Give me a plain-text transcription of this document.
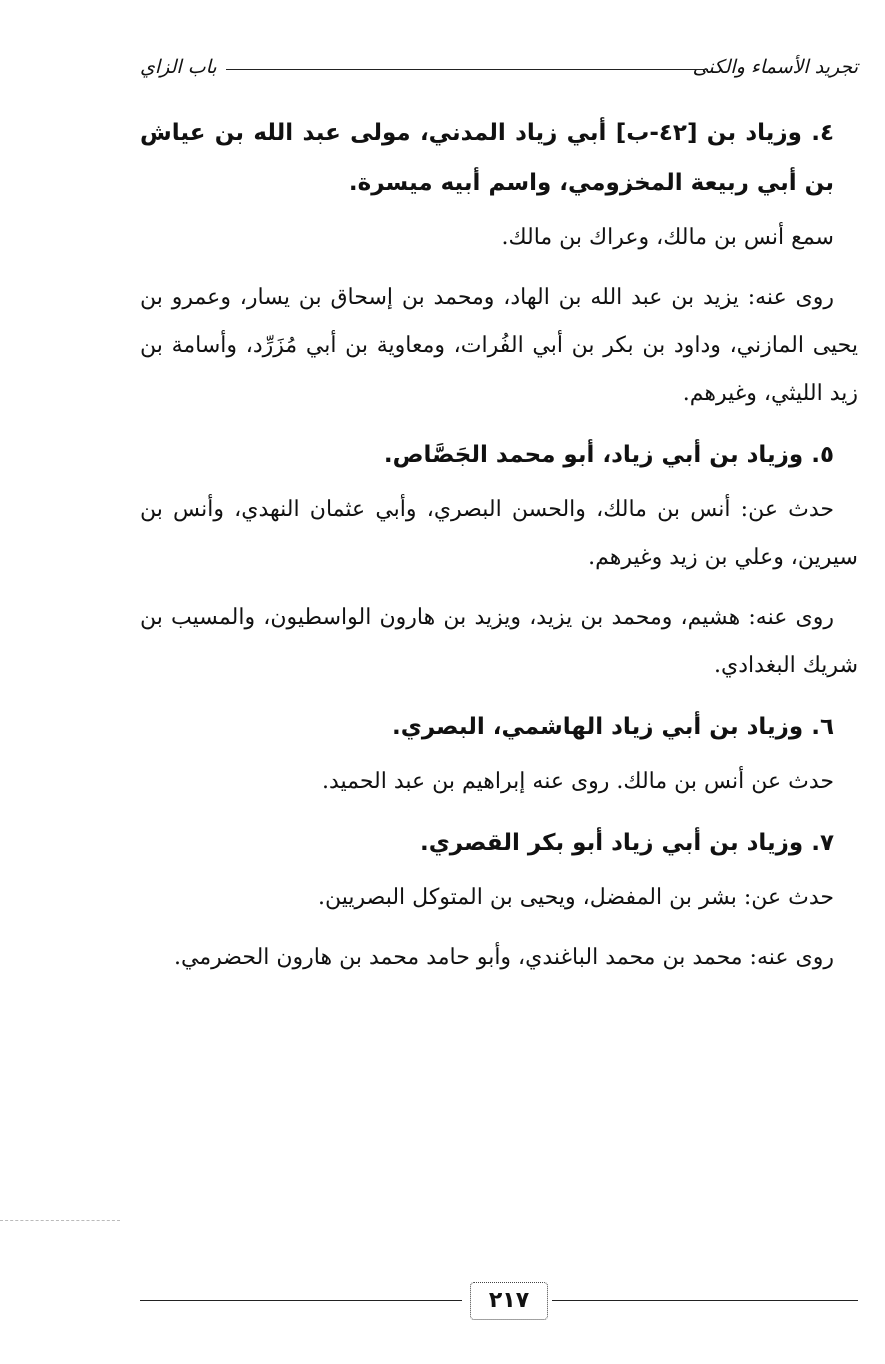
تجريد الأسماء والكنى
باب الزاي
٤. وزياد بن [٤٢-ب] أبي زياد المدني، مولى عبد الله بن عياش بن أبي ربيعة المخزومي، واسم أبيه ميسرة.

سمع أنس بن مالك، وعراك بن مالك.

روى عنه: يزيد بن عبد الله بن الهاد، ومحمد بن إسحاق بن يسار، وعمرو بن يحيى المازني، وداود بن بكر بن أبي الفُرات، ومعاوية بن أبي مُزَرِّد، وأسامة بن زيد الليثي، وغيرهم.

٥. وزياد بن أبي زياد، أبو محمد الجَصَّاص.

حدث عن: أنس بن مالك، والحسن البصري، وأبي عثمان النهدي، وأنس بن سيرين، وعلي بن زيد وغيرهم.

روى عنه: هشيم، ومحمد بن يزيد، ويزيد بن هارون الواسطيون، والمسيب بن شريك البغدادي.

٦. وزياد بن أبي زياد الهاشمي، البصري.

حدث عن أنس بن مالك. روى عنه إبراهيم بن عبد الحميد.

٧. وزياد بن أبي زياد أبو بكر القصري.

حدث عن: بشر بن المفضل، ويحيى بن المتوكل البصريين.

روى عنه: محمد بن محمد الباغندي، وأبو حامد محمد بن هارون الحضرمي.

٢١٧
